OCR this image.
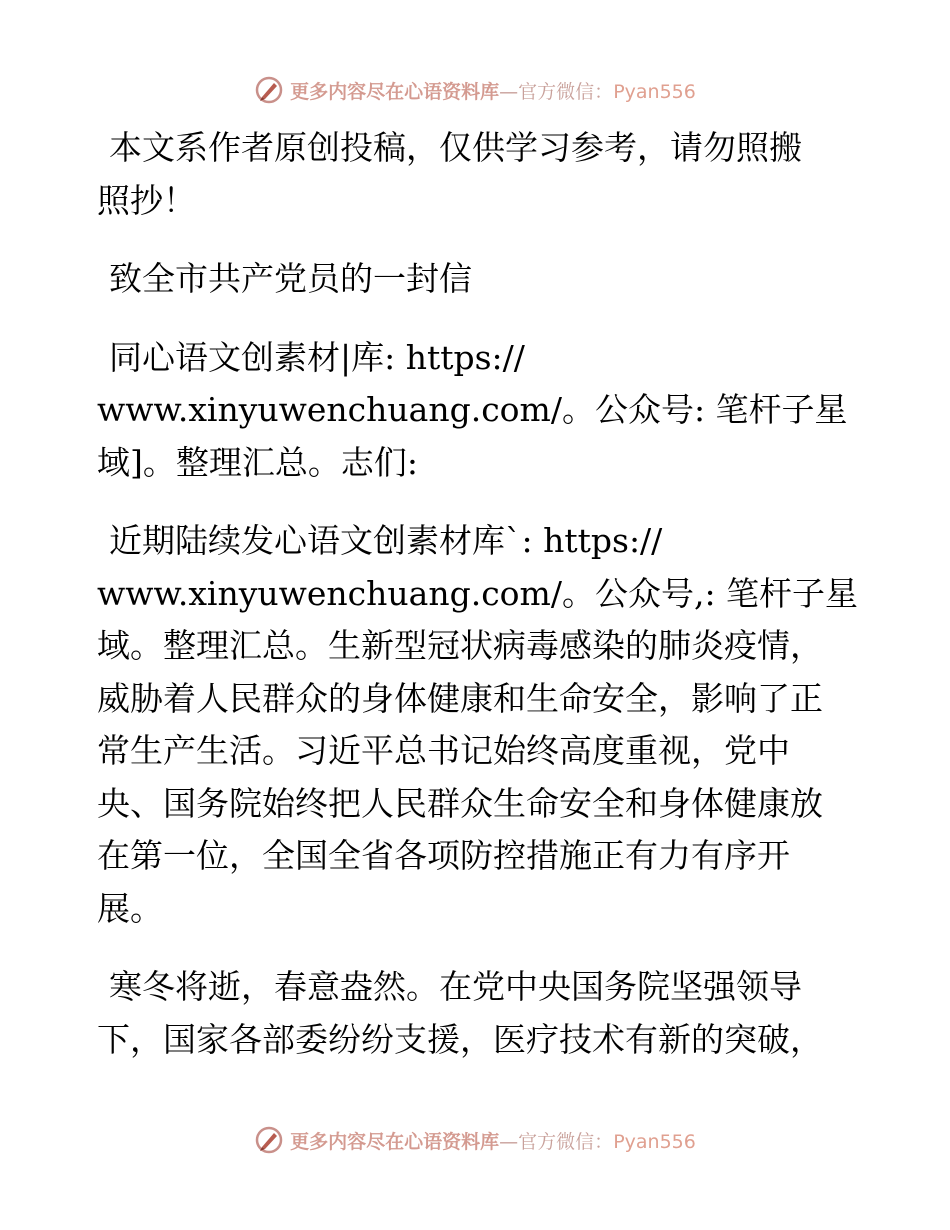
更多内容尽在心语资料库—官方微信：Pyan556
本文系作者原创投稿，仅供学习参考，请勿照搬
照抄！
致全市共产党员的一封信
同心语文创素材|库: https://
www.xinyuwenchuang.com/。公众号: 笔杆子星
域]。整理汇总。志们:
近期陆续发心语文创素材库`: https://
www.xinyuwenchuang.com/。公众号,: 笔杆子星
域。整理汇总。生新型冠状病毒感染的肺炎疫情，
威胁着人民群众的身体健康和生命安全，影响了正
常生产生活。习近平总书记始终高度重视，党中
央、国务院始终把人民群众生命安全和身体健康放
在第一位，全国全省各项防控措施正有力有序开
展。
寒冬将逝，春意盎然。在党中央国务院坚强领导
下，国家各部委纷纷支援，医疗技术有新的突破，
更多内容尽在心语资料库—官方微信：Pyan556
